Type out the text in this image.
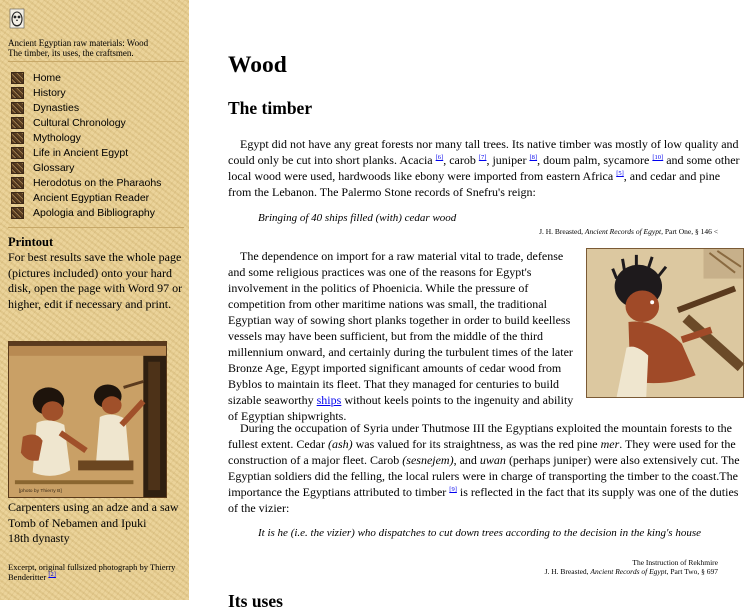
Ancient Egyptian raw materials: Wood
The timber, its uses, the craftsmen.
Home
History
Dynasties
Cultural Chronology
Mythology
Life in Ancient Egypt
Glossary
Herodotus on the Pharaohs
Ancient Egyptian Reader
Apologia and Bibliography
Printout
For best results save the whole page (pictures included) onto your hard disk, open the page with Word 97 or higher, edit if necessary and print.
[photo by Thierry B]
Carpenters using an adze and a saw
Tomb of Nebamen and Ipuki
18th dynasty
Excerpt, original fullsized photograph by Thierry Benderitter [2]
Wood
The timber

Egypt did not have any great forests nor many tall trees. Its native timber was mostly of low quality and could only be cut into short planks. Acacia [6], carob [7], juniper [8], doum palm, sycamore [10] and some other local wood were used, hardwoods like ebony were imported from eastern Africa [5], and cedar and pine from the Lebanon. The Palermo Stone records of Snefru's reign:

Bringing of 40 ships filled (with) cedar wood
J. H. Breasted, Ancient Records of Egypt, Part One, § 146 <

The dependence on import for a raw material vital to trade, defense and some religious practices was one of the reasons for Egypt's involvement in the politics of Phoenicia. While the pressure of competition from other maritime nations was small, the traditional Egyptian way of sowing short planks together in order to build keelless vessels may have been sufficient, but from the middle of the third millennium onward, and certainly during the turbulent times of the later Bronze Age, Egypt imported significant amounts of cedar wood from Byblos to maintain its fleet. That they managed for centuries to build sizable seaworthy ships without keels points to the ingenuity and ability of Egyptian shipwrights.

During the occupation of Syria under Thutmose III the Egyptians exploited the mountain forests to the fullest extent. Cedar (ash) was valued for its straightness, as was the red pine mer. They were used for the construction of a major fleet. Carob (sesnejem), and uwan (perhaps juniper) were also extensively cut. The Egyptian soldiers did the felling, the local rulers were in charge of transporting the timber to the coast.The importance the Egyptians attributed to timber [9] is reflected in the fact that its supply was one of the duties of the vizier:

It is he (i.e. the vizier) who dispatches to cut down trees according to the decision in the king's house
The Instruction of Rekhmire
J. H. Breasted, Ancient Records of Egypt, Part Two, § 697
Its uses
